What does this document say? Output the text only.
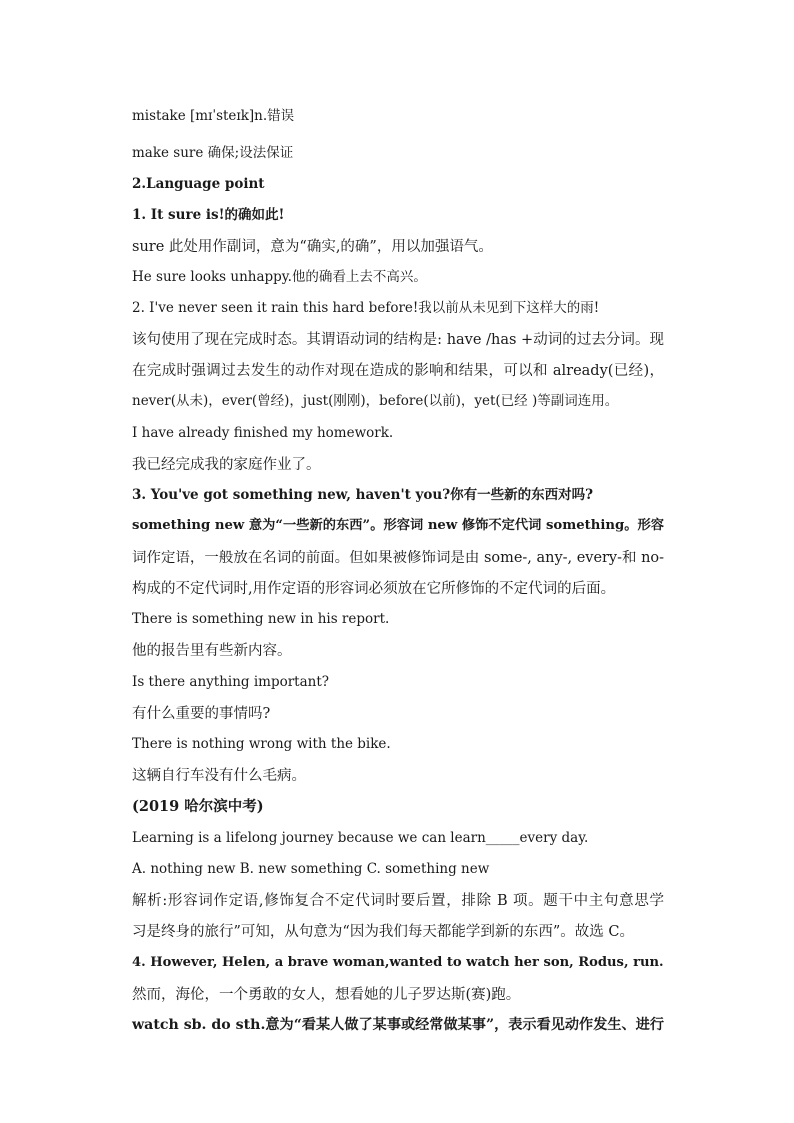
mistake [mɪˈsteɪk]n.错误

make sure 确保;设法保证

2.Language point

1. It sure is!的确如此!

sure 此处用作副词，意为“确实,的确”，用以加强语气。

He sure looks unhappy.他的确看上去不高兴。

2. I've never seen it rain this hard before!我以前从未见到下这样大的雨!

该句使用了现在完成时态。其谓语动词的结构是: have /has +动词的过去分词。现

在完成时强调过去发生的动作对现在造成的影响和结果，可以和 already(已经)，

never(从未)，ever(曾经)，just(刚刚)，before(以前)，yet(已经 )等副词连用。

I have already finished my homework.

我已经完成我的家庭作业了。

3. You've got something new, haven't you?你有一些新的东西对吗?

something new 意为“一些新的东西”。形容词 new 修饰不定代词 something。形容

词作定语，一般放在名词的前面。但如果被修饰词是由 some-, any-, every-和 no-

构成的不定代词时,用作定语的形容词必须放在它所修饰的不定代词的后面。

There is something new in his report.

他的报告里有些新内容。

Is there anything important?

有什么重要的事情吗?

There is nothing wrong with the bike.

这辆自行车没有什么毛病。

(2019 哈尔滨中考)

Learning is a lifelong journey because we can learn_____every day.

A. nothing new B. new something C. something new

解析:形容词作定语,修饰复合不定代词时要后置，排除 B 项。题干中主句意思学

习是终身的旅行”可知，从句意为“因为我们每天都能学到新的东西”。故选 C。

4. However, Helen, a brave woman,wanted to watch her son, Rodus, run.

然而，海伦，一个勇敢的女人，想看她的儿子罗达斯(赛)跑。

watch sb. do sth.意为“看某人做了某事或经常做某事”，表示看见动作发生、进行
